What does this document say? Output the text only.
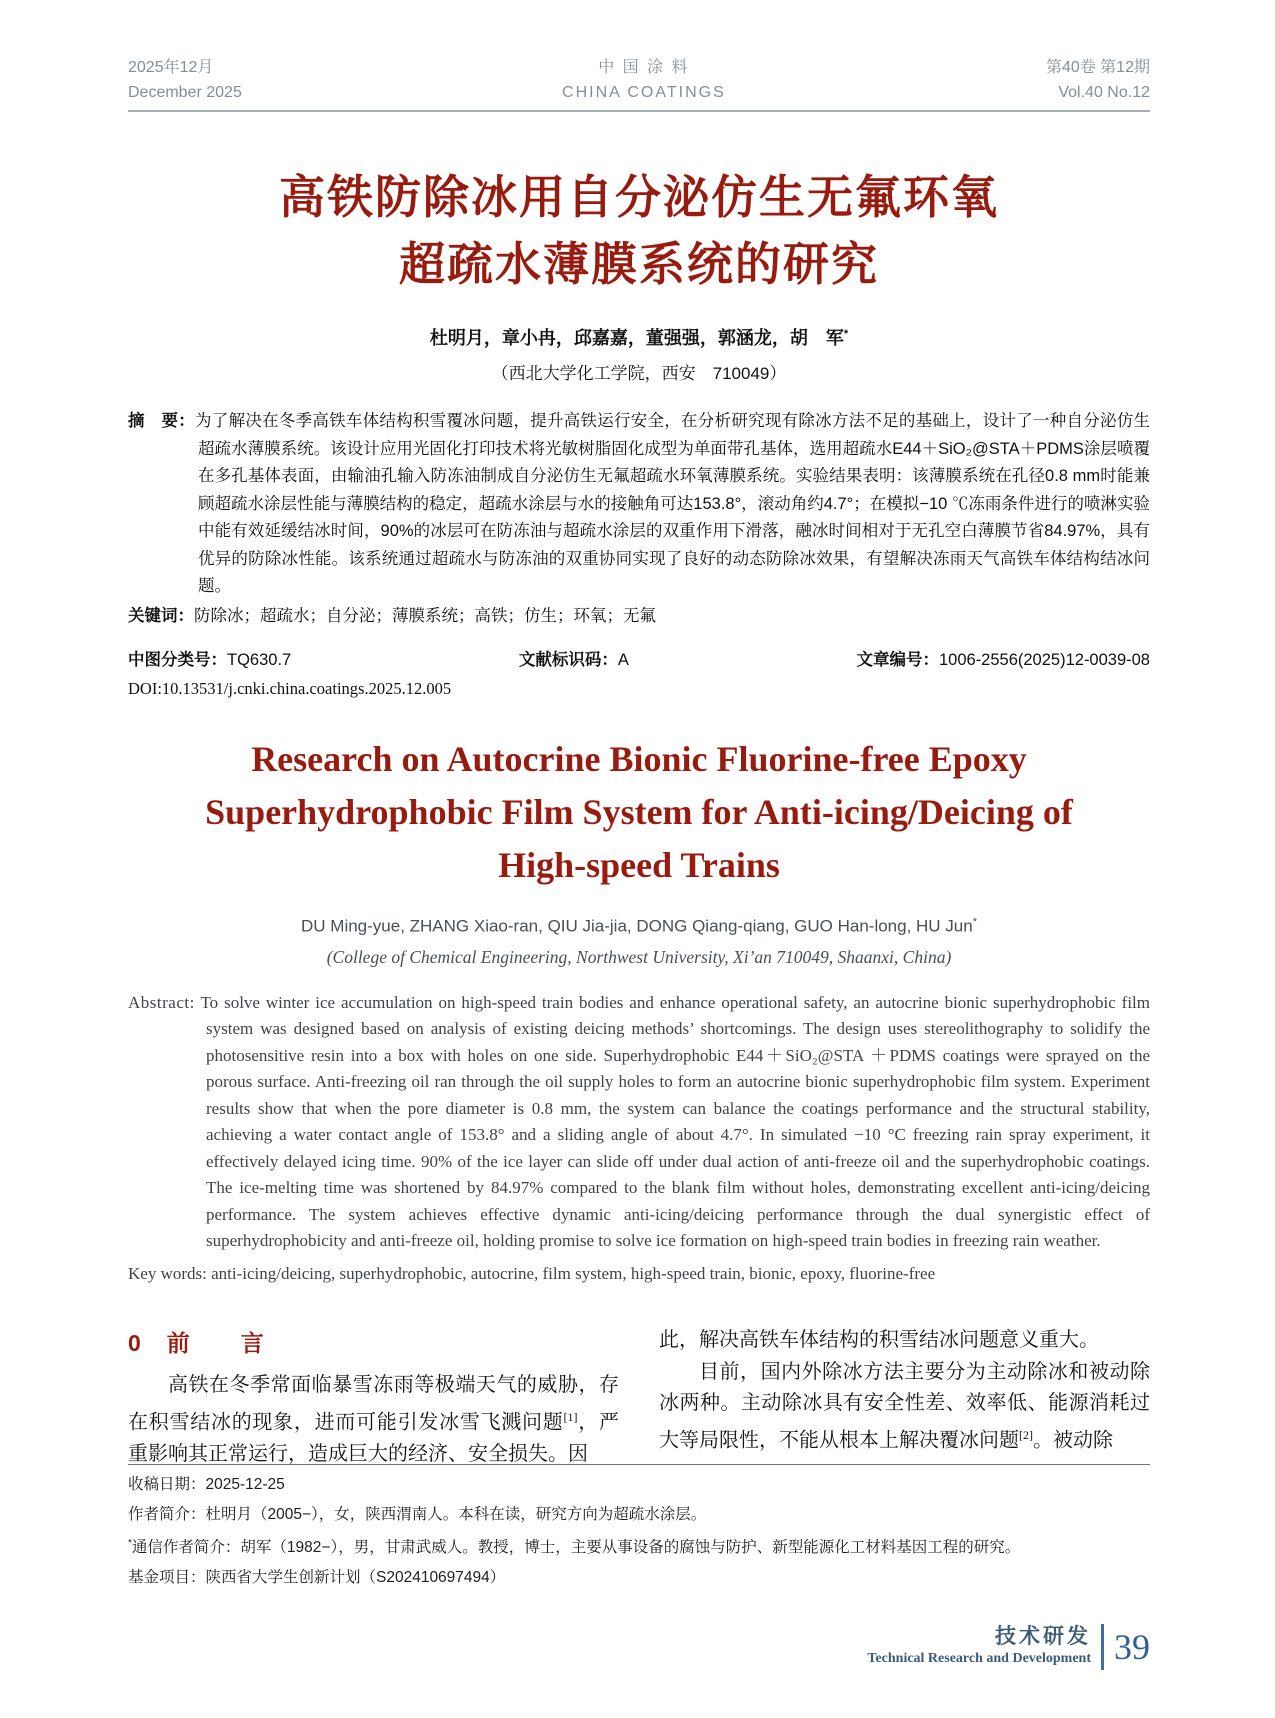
2025年12月
December 2025
中 国 涂 料
CHINA COATINGS
第40卷 第12期
Vol.40 No.12
高铁防除冰用自分泌仿生无氟环氧
超疏水薄膜系统的研究
杜明月，章小冉，邱嘉嘉，董强强，郭涵龙，胡　军*
（西北大学化工学院，西安　710049）
摘　要：为了解决在冬季高铁车体结构积雪覆冰问题，提升高铁运行安全，在分析研究现有除冰方法不足的基础上，设计了一种自分泌仿生超疏水薄膜系统。该设计应用光固化打印技术将光敏树脂固化成型为单面带孔基体，选用超疏水E44＋SiO₂@STA＋PDMS涂层喷覆在多孔基体表面，由输油孔输入防冻油制成自分泌仿生无氟超疏水环氧薄膜系统。实验结果表明：该薄膜系统在孔径0.8 mm时能兼顾超疏水涂层性能与薄膜结构的稳定，超疏水涂层与水的接触角可达153.8°，滚动角约4.7°；在模拟−10 ℃冻雨条件进行的喷淋实验中能有效延缓结冰时间，90%的冰层可在防冻油与超疏水涂层的双重作用下滑落，融冰时间相对于无孔空白薄膜节省84.97%，具有优异的防除冰性能。该系统通过超疏水与防冻油的双重协同实现了良好的动态防除冰效果，有望解决冻雨天气高铁车体结构结冰问题。
关键词：防除冰；超疏水；自分泌；薄膜系统；高铁；仿生；环氧；无氟
中图分类号：TQ630.7	文献标识码：A	文章编号：1006-2556(2025)12-0039-08
DOI:10.13531/j.cnki.china.coatings.2025.12.005
Research on Autocrine Bionic Fluorine-free Epoxy
Superhydrophobic Film System for Anti-icing/Deicing of
High-speed Trains
DU Ming-yue, ZHANG Xiao-ran, QIU Jia-jia, DONG Qiang-qiang, GUO Han-long, HU Jun*
(College of Chemical Engineering, Northwest University, Xi’an 710049, Shaanxi, China)
Abstract: To solve winter ice accumulation on high-speed train bodies and enhance operational safety, an autocrine bionic superhydrophobic film system was designed based on analysis of existing deicing methods’ shortcomings. The design uses stereolithography to solidify the photosensitive resin into a box with holes on one side. Superhydrophobic E44＋SiO₂@STA ＋PDMS coatings were sprayed on the porous surface. Anti-freezing oil ran through the oil supply holes to form an autocrine bionic superhydrophobic film system. Experiment results show that when the pore diameter is 0.8 mm, the system can balance the coatings performance and the structural stability, achieving a water contact angle of 153.8° and a sliding angle of about 4.7°. In simulated −10 °C freezing rain spray experiment, it effectively delayed icing time. 90% of the ice layer can slide off under dual action of anti-freeze oil and the superhydrophobic coatings. The ice-melting time was shortened by 84.97% compared to the blank film without holes, demonstrating excellent anti-icing/deicing performance. The system achieves effective dynamic anti-icing/deicing performance through the dual synergistic effect of superhydrophobicity and anti-freeze oil, holding promise to solve ice formation on high-speed train bodies in freezing rain weather.
Key words: anti-icing/deicing, superhydrophobic, autocrine, film system, high-speed train, bionic, epoxy, fluorine-free
0 前　言

高铁在冬季常面临暴雪冻雨等极端天气的威胁，存在积雪结冰的现象，进而可能引发冰雪飞溅问题[1]，严重影响其正常运行，造成巨大的经济、安全损失。因

此，解决高铁车体结构的积雪结冰问题意义重大。

目前，国内外除冰方法主要分为主动除冰和被动除冰两种。主动除冰具有安全性差、效率低、能源消耗过大等局限性，不能从根本上解决覆冰问题[2]。被动除

收稿日期：2025-12-25

作者简介：杜明月（2005−），女，陕西渭南人。本科在读，研究方向为超疏水涂层。

*通信作者简介：胡军（1982−），男，甘肃武威人。教授，博士，主要从事设备的腐蚀与防护、新型能源化工材料基因工程的研究。

基金项目：陕西省大学生创新计划（S202410697494）

技术研发
Technical Research and Development 39
